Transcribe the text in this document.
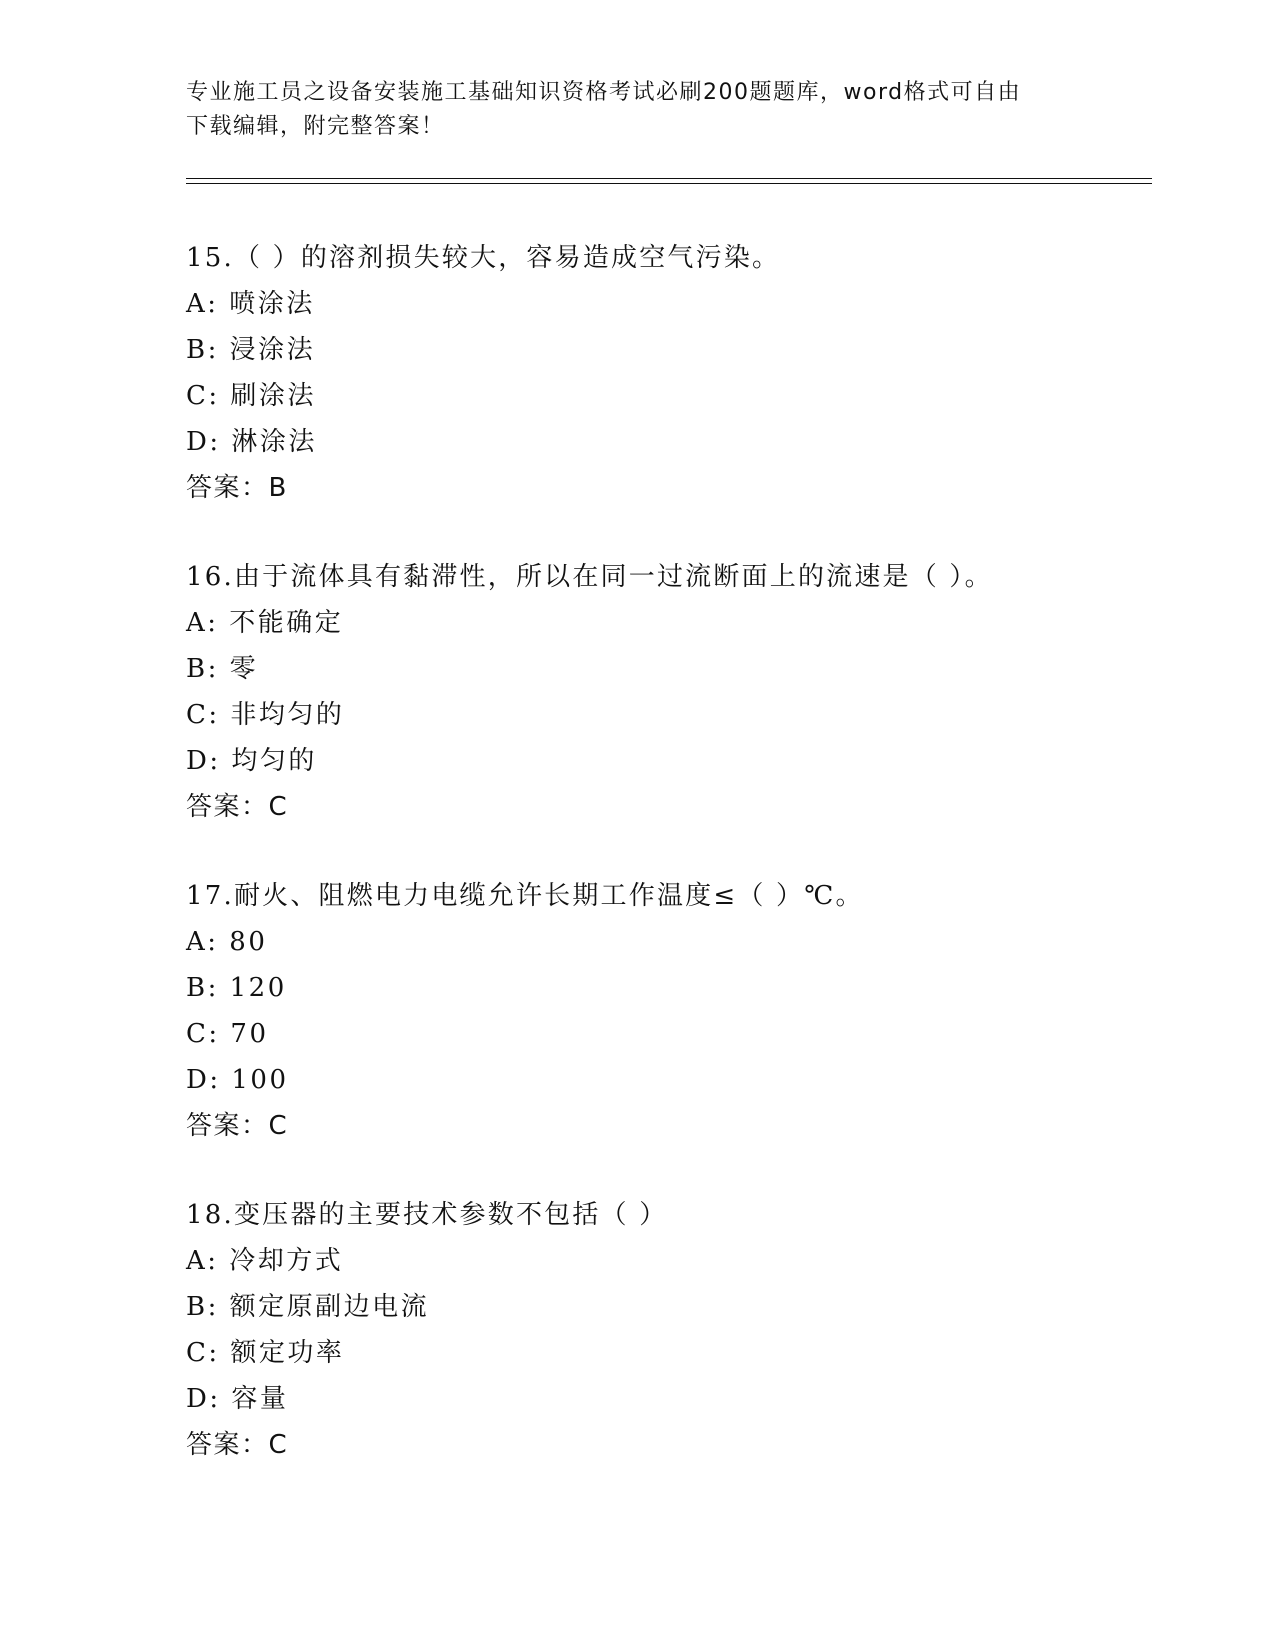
专业施工员之设备安装施工基础知识资格考试必刷200题题库，word格式可自由
下载编辑，附完整答案！
15.（ ）的溶剂损失较大，容易造成空气污染。
A: 喷涂法
B: 浸涂法
C: 刷涂法
D: 淋涂法
答案：B
16.由于流体具有黏滞性，所以在同一过流断面上的流速是（ ）。
A: 不能确定
B: 零
C: 非均匀的
D: 均匀的
答案：C
17.耐火、阻燃电力电缆允许长期工作温度≤（ ）℃。
A: 80
B: 120
C: 70
D: 100
答案：C
18.变压器的主要技术参数不包括（ ）
A: 冷却方式
B: 额定原副边电流
C: 额定功率
D: 容量
答案：C
